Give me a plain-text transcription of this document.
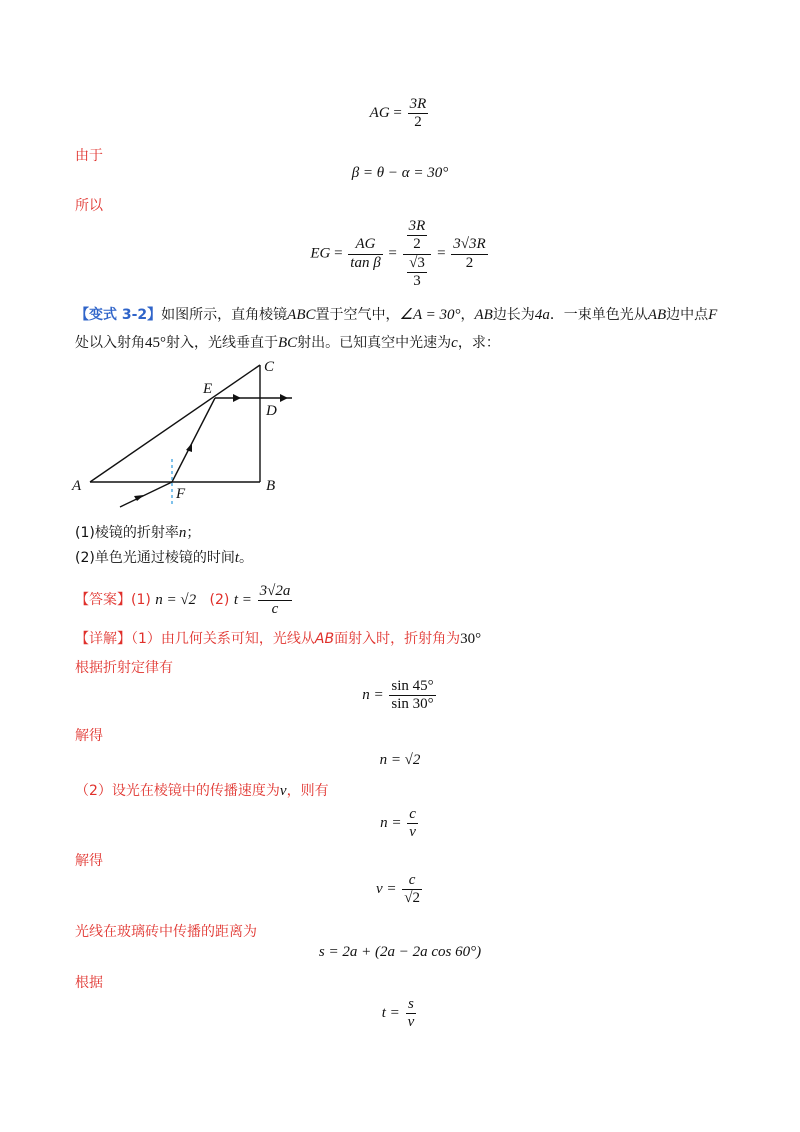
AG = $\frac{3R}{2}$
由于
β = θ − α = 30°
所以
EG = $\frac{AG}{\text{tan β}} = \frac{\frac{3R}{2}}{\frac{√3}{3}} = \frac{3√3R}{2}$
【变式 3-2】如图所示，直角棱镜ABC置于空气中，∠A = 30°，AB边长为4a．一束单色光从AB边中点F
处以入射角45°射入，光线垂直于BC射出。已知真空中光速为c，求：
A	B
C
D
E
F
(1)棱镜的折射率n；
(2)单色光通过棱镜的时间t。
【答案】(1) n = √2 (2) $t = \frac{3√2a}{c}$
【详解】（1）由几何关系可知，光线从AB面射入时，折射角为30°
根据折射定律有
$n = \frac{\sin 45^\circ}{\sin 30^\circ}$
解得
n = √2
（2）设光在棱镜中的传播速度为v，则有
$n = \frac{c}{v}$
解得
$v = \frac{c}{√2}$
光线在玻璃砖中传播的距离为
s = 2a + (2a − 2a cos 60°)
根据
$t = \frac{s}{v}$
